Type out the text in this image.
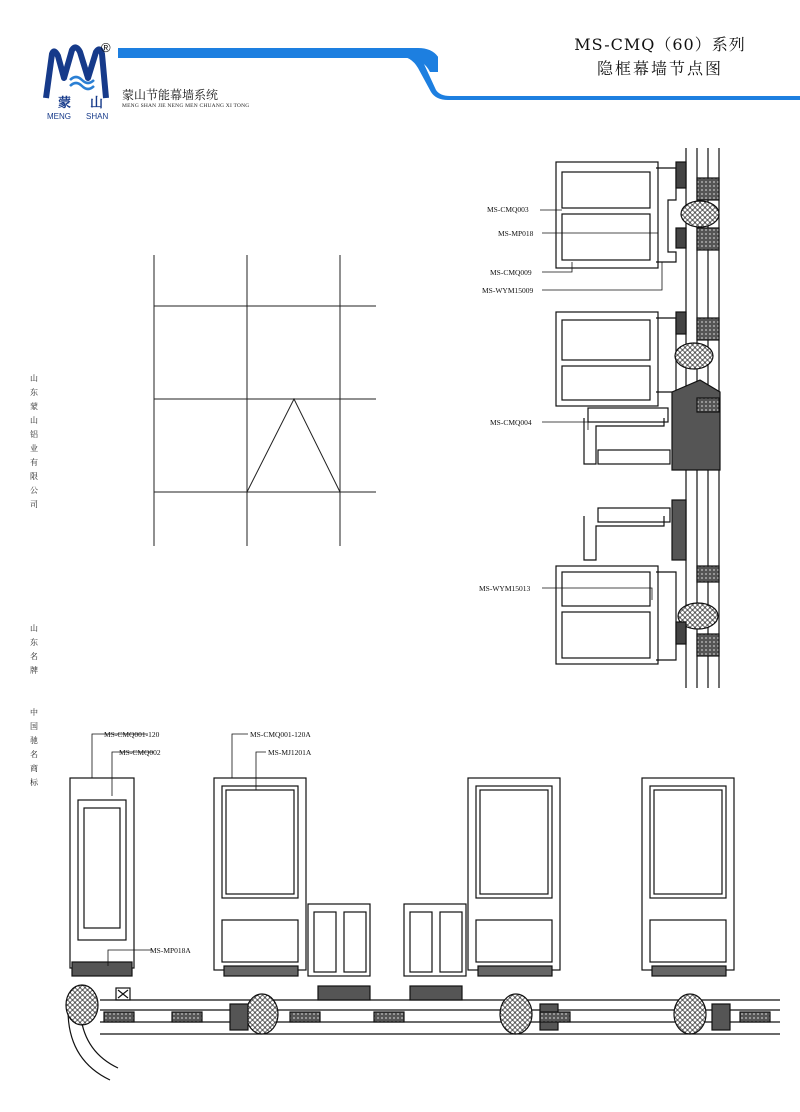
蒙 山
MENG SHAN
®
蒙山节能幕墙系统
MENG SHAN JIE NENG MEN CHUANG XI TONG
MS-CMQ（60）系列
隐框幕墙节点图
山东蒙山铝业有限公司
山东名牌
中国驰名商标
MS-CMQ003
MS-MP018
MS-CMQ009
MS-WYM15009
MS-CMQ004
MS-WYM15013
MS-CMQ001-120
MS-CMQ002
MS-CMQ001-120A
MS-MJ1201A
MS-MP018A
